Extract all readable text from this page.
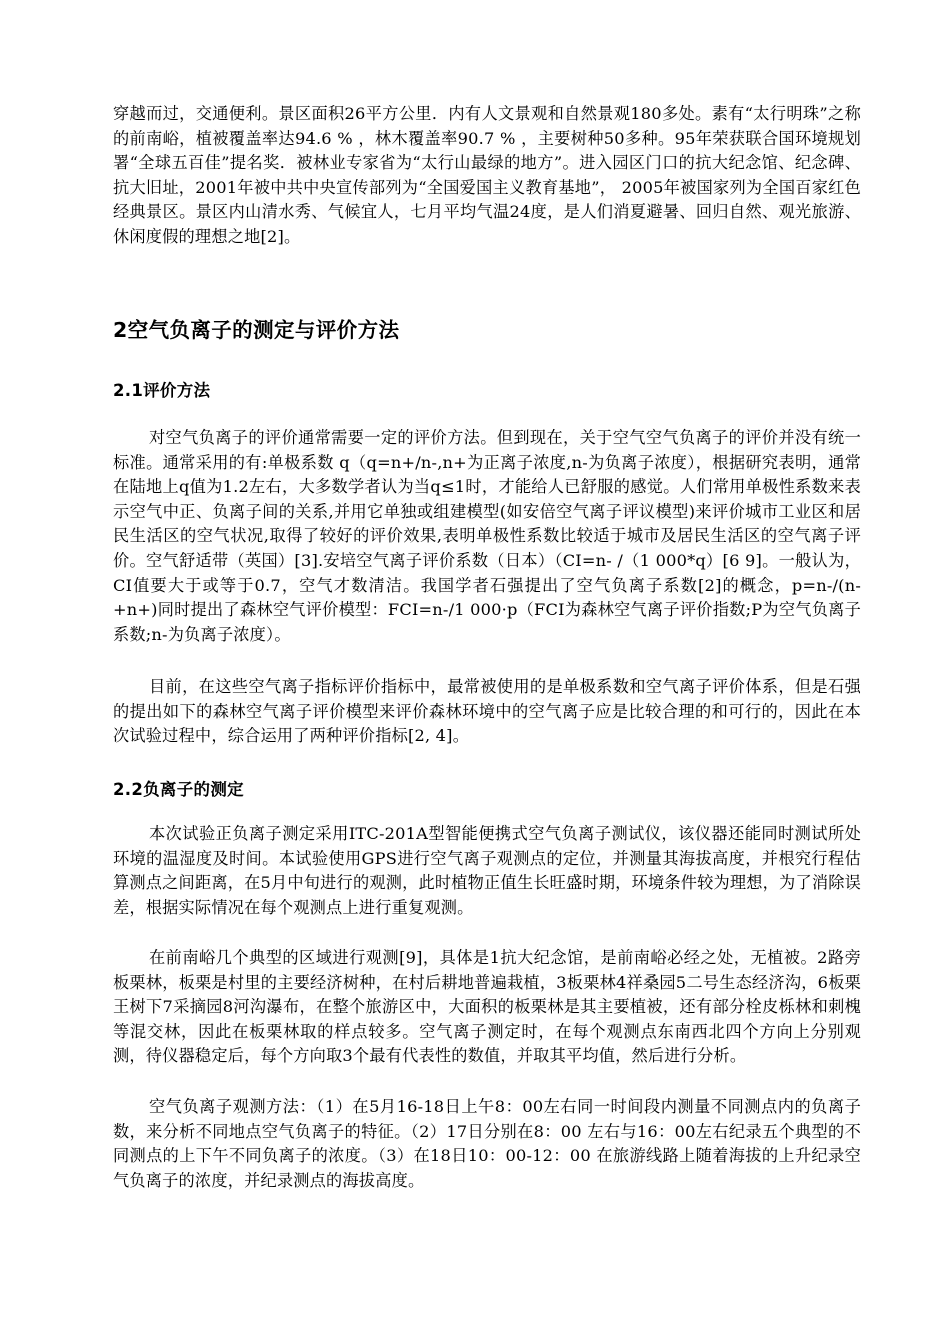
穿越而过，交通便利。景区面积26平方公里．内有人文景观和自然景观180多处。素有“太行明珠”之称的前南峪，植被覆盖率达94.6 % ，林木覆盖率90.7 % ，主要树种50多种。95年荣获联合国环境规划署“全球五百佳”提名奖．被林业专家省为“太行山最绿的地方”。进入园区门口的抗大纪念馆、纪念碑、抗大旧址，2001年被中共中央宣传部列为“全国爱国主义教育基地”， 2005年被国家列为全国百家红色经典景区。景区内山清水秀、气候宜人，七月平均气温24度，是人们消夏避暑、回归自然、观光旅游、休闲度假的理想之地[2]。

2空气负离子的测定与评价方法
2.1评价方法

对空气负离子的评价通常需要一定的评价方法。但到现在，关于空气空气负离子的评价并没有统一标准。通常采用的有:单极系数 q（q=n+/n-,n+为正离子浓度,n-为负离子浓度），根据研究表明，通常在陆地上q值为1.2左右，大多数学者认为当q≤1时，才能给人已舒服的感觉。人们常用单极性系数来表示空气中正、负离子间的关系,并用它单独或组建模型(如安倍空气离子评议模型)来评价城市工业区和居民生活区的空气状况,取得了较好的评价效果,表明单极性系数比较适于城市及居民生活区的空气离子评价。空气舒适带（英国）[3].安培空气离子评价系数（日本）（CI=n- /（1 000*q）[6 9]。一般认为，CI值要大于或等于0.7，空气才数清洁。我国学者石强提出了空气负离子系数[2]的概念，p=n-/(n-+n+)同时提出了森林空气评价模型：FCI=n-/1 000·p（FCI为森林空气离子评价指数;P为空气负离子系数;n-为负离子浓度）。

目前，在这些空气离子指标评价指标中，最常被使用的是单极系数和空气离子评价体系，但是石强的提出如下的森林空气离子评价模型来评价森林环境中的空气离子应是比较合理的和可行的，因此在本次试验过程中，综合运用了两种评价指标[2, 4]。

2.2负离子的测定

本次试验正负离子测定采用ITC-201A型智能便携式空气负离子测试仪，该仪器还能同时测试所处环境的温湿度及时间。本试验使用GPS进行空气离子观测点的定位，并测量其海拔高度，并根究行程估算测点之间距离，在5月中旬进行的观测，此时植物正值生长旺盛时期，环境条件较为理想，为了消除误差，根据实际情况在每个观测点上进行重复观测。

在前南峪几个典型的区域进行观测[9]，具体是1抗大纪念馆，是前南峪必经之处，无植被。2路旁板栗林，板栗是村里的主要经济树种，在村后耕地普遍栽植，3板栗林4祥桑园5二号生态经济沟，6板栗王树下7采摘园8河沟瀑布，在整个旅游区中，大面积的板栗林是其主要植被，还有部分栓皮栎林和刺槐等混交林，因此在板栗林取的样点较多。空气离子测定时，在每个观测点东南西北四个方向上分别观测，待仪器稳定后，每个方向取3个最有代表性的数值，并取其平均值，然后进行分析。

空气负离子观测方法：（1）在5月16-18日上午8：00左右同一时间段内测量不同测点内的负离子数，来分析不同地点空气负离子的特征。（2）17日分别在8：00 左右与16：00左右纪录五个典型的不同测点的上下午不同负离子的浓度。（3）在18日10：00-12：00 在旅游线路上随着海拔的上升纪录空气负离子的浓度，并纪录测点的海拔高度。
